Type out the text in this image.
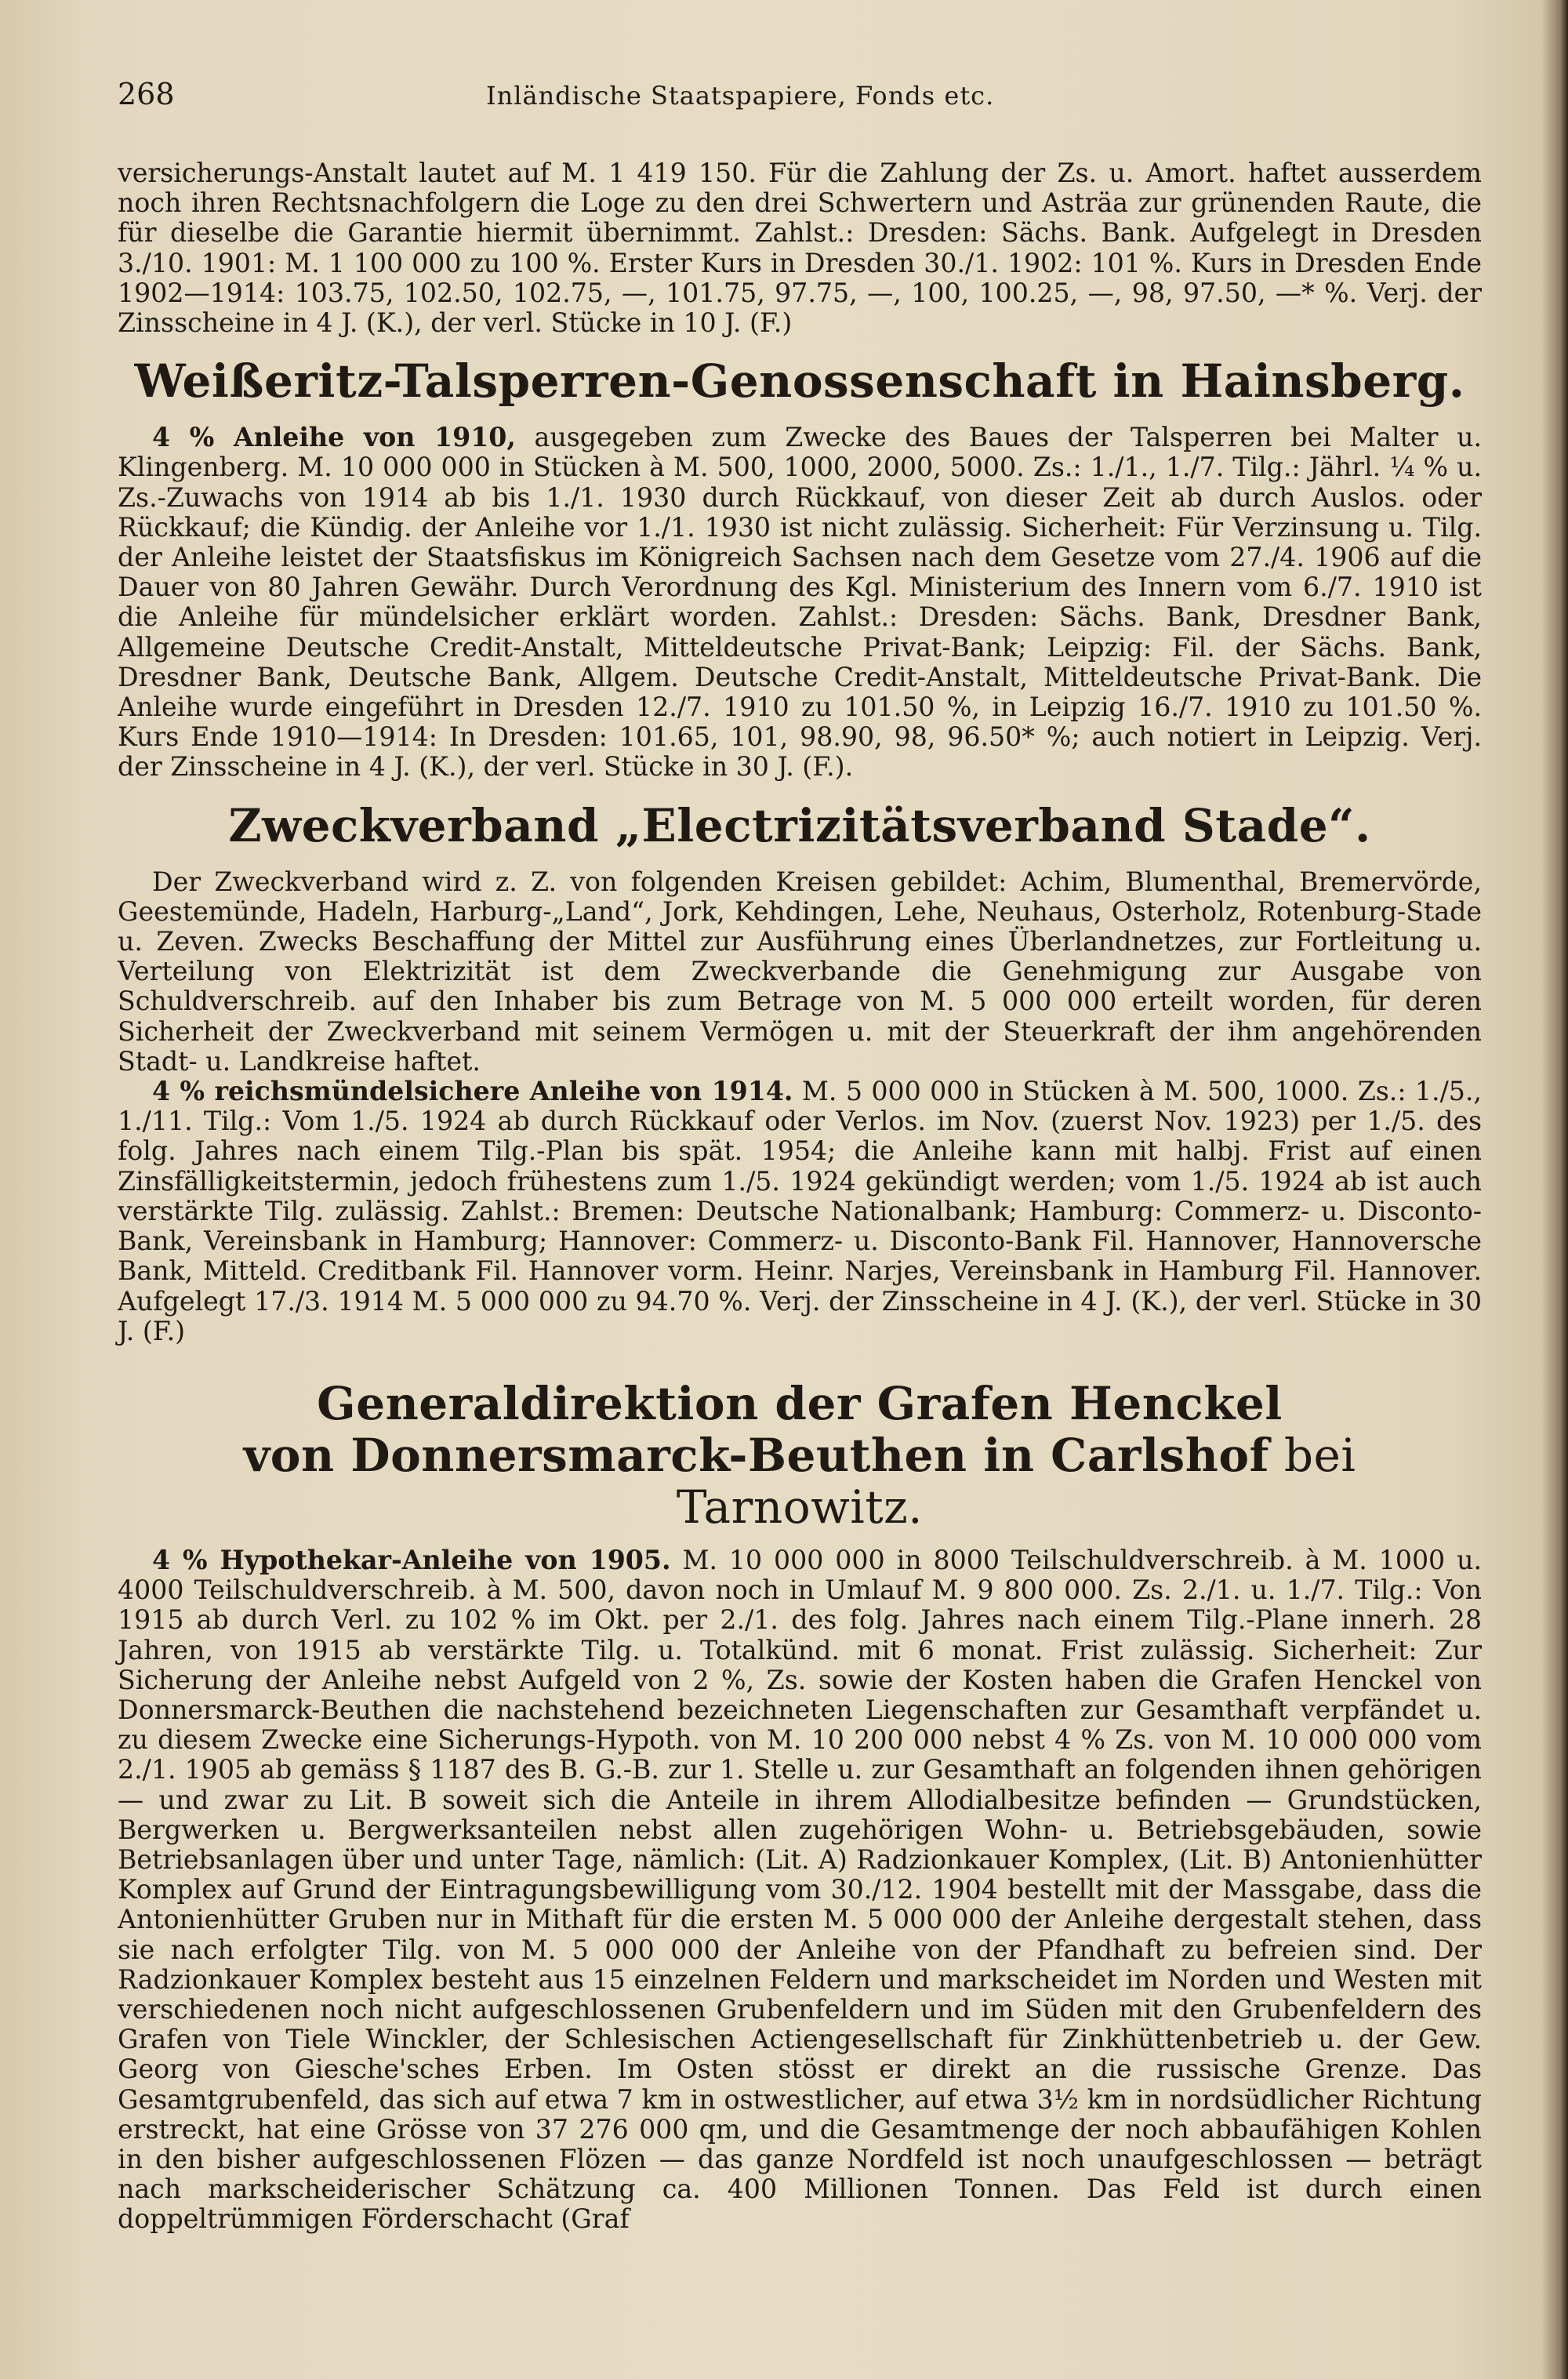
268	Inländische Staatspapiere, Fonds etc.

versicherungs-Anstalt lautet auf M. 1 419 150. Für die Zahlung der Zs. u. Amort. haftet ausserdem noch ihren Rechtsnachfolgern die Loge zu den drei Schwertern und Asträa zur grünenden Raute, die für dieselbe die Garantie hiermit übernimmt. Zahlst.: Dresden: Sächs. Bank. Aufgelegt in Dresden 3./10. 1901: M. 1 100 000 zu 100 %. Erster Kurs in Dresden 30./1. 1902: 101 %. Kurs in Dresden Ende 1902—1914: 103.75, 102.50, 102.75, —, 101.75, 97.75, —, 100, 100.25, —, 98, 97.50, —* %. Verj. der Zinsscheine in 4 J. (K.), der verl. Stücke in 10 J. (F.)

Weißeritz-Talsperren-Genossenschaft in Hainsberg.

4 % Anleihe von 1910, ausgegeben zum Zwecke des Baues der Talsperren bei Malter u. Klingenberg. M. 10 000 000 in Stücken à M. 500, 1000, 2000, 5000. Zs.: 1./1., 1./7. Tilg.: Jährl. ¼ % u. Zs.-Zuwachs von 1914 ab bis 1./1. 1930 durch Rückkauf, von dieser Zeit ab durch Auslos. oder Rückkauf; die Kündig. der Anleihe vor 1./1. 1930 ist nicht zulässig. Sicherheit: Für Verzinsung u. Tilg. der Anleihe leistet der Staatsfiskus im Königreich Sachsen nach dem Gesetze vom 27./4. 1906 auf die Dauer von 80 Jahren Gewähr. Durch Verordnung des Kgl. Ministerium des Innern vom 6./7. 1910 ist die Anleihe für mündelsicher erklärt worden. Zahlst.: Dresden: Sächs. Bank, Dresdner Bank, Allgemeine Deutsche Credit-Anstalt, Mitteldeutsche Privat-Bank; Leipzig: Fil. der Sächs. Bank, Dresdner Bank, Deutsche Bank, Allgem. Deutsche Credit-Anstalt, Mitteldeutsche Privat-Bank. Die Anleihe wurde eingeführt in Dresden 12./7. 1910 zu 101.50 %, in Leipzig 16./7. 1910 zu 101.50 %. Kurs Ende 1910—1914: In Dresden: 101.65, 101, 98.90, 98, 96.50* %; auch notiert in Leipzig. Verj. der Zinsscheine in 4 J. (K.), der verl. Stücke in 30 J. (F.).

Zweckverband „Electrizitätsverband Stade“.

Der Zweckverband wird z. Z. von folgenden Kreisen gebildet: Achim, Blumenthal, Bremervörde, Geestemünde, Hadeln, Harburg-„Land“, Jork, Kehdingen, Lehe, Neuhaus, Osterholz, Rotenburg-Stade u. Zeven. Zwecks Beschaffung der Mittel zur Ausführung eines Überlandnetzes, zur Fortleitung u. Verteilung von Elektrizität ist dem Zweckverbande die Genehmigung zur Ausgabe von Schuldverschreib. auf den Inhaber bis zum Betrage von M. 5 000 000 erteilt worden, für deren Sicherheit der Zweckverband mit seinem Vermögen u. mit der Steuerkraft der ihm angehörenden Stadt- u. Landkreise haftet.

4 % reichsmündelsichere Anleihe von 1914. M. 5 000 000 in Stücken à M. 500, 1000. Zs.: 1./5., 1./11. Tilg.: Vom 1./5. 1924 ab durch Rückkauf oder Verlos. im Nov. (zuerst Nov. 1923) per 1./5. des folg. Jahres nach einem Tilg.-Plan bis spät. 1954; die Anleihe kann mit halbj. Frist auf einen Zinsfälligkeitstermin, jedoch frühestens zum 1./5. 1924 gekündigt werden; vom 1./5. 1924 ab ist auch verstärkte Tilg. zulässig. Zahlst.: Bremen: Deutsche Nationalbank; Hamburg: Commerz- u. Disconto-Bank, Vereinsbank in Hamburg; Hannover: Commerz- u. Disconto-Bank Fil. Hannover, Hannoversche Bank, Mitteld. Creditbank Fil. Hannover vorm. Heinr. Narjes, Vereinsbank in Hamburg Fil. Hannover. Aufgelegt 17./3. 1914 M. 5 000 000 zu 94.70 %. Verj. der Zinsscheine in 4 J. (K.), der verl. Stücke in 30 J. (F.)

Generaldirektion der Grafen Henckel
von Donnersmarck-Beuthen in Carlshof bei Tarnowitz.

4 % Hypothekar-Anleihe von 1905. M. 10 000 000 in 8000 Teilschuldverschreib. à M. 1000 u. 4000 Teilschuldverschreib. à M. 500, davon noch in Umlauf M. 9 800 000. Zs. 2./1. u. 1./7. Tilg.: Von 1915 ab durch Verl. zu 102 % im Okt. per 2./1. des folg. Jahres nach einem Tilg.-Plane innerh. 28 Jahren, von 1915 ab verstärkte Tilg. u. Totalkünd. mit 6 monat. Frist zulässig. Sicherheit: Zur Sicherung der Anleihe nebst Aufgeld von 2 %, Zs. sowie der Kosten haben die Grafen Henckel von Donnersmarck-Beuthen die nachstehend bezeichneten Liegenschaften zur Gesamthaft verpfändet u. zu diesem Zwecke eine Sicherungs-Hypoth. von M. 10 200 000 nebst 4 % Zs. von M. 10 000 000 vom 2./1. 1905 ab gemäss § 1187 des B. G.-B. zur 1. Stelle u. zur Gesamthaft an folgenden ihnen gehörigen — und zwar zu Lit. B soweit sich die Anteile in ihrem Allodialbesitze befinden — Grundstücken, Bergwerken u. Bergwerksanteilen nebst allen zugehörigen Wohn- u. Betriebsgebäuden, sowie Betriebsanlagen über und unter Tage, nämlich: (Lit. A) Radzionkauer Komplex, (Lit. B) Antonienhütter Komplex auf Grund der Eintragungsbewilligung vom 30./12. 1904 bestellt mit der Massgabe, dass die Antonienhütter Gruben nur in Mithaft für die ersten M. 5 000 000 der Anleihe dergestalt stehen, dass sie nach erfolgter Tilg. von M. 5 000 000 der Anleihe von der Pfandhaft zu befreien sind. Der Radzionkauer Komplex besteht aus 15 einzelnen Feldern und markscheidet im Norden und Westen mit verschiedenen noch nicht aufgeschlossenen Grubenfeldern und im Süden mit den Grubenfeldern des Grafen von Tiele Winckler, der Schlesischen Actiengesellschaft für Zinkhüttenbetrieb u. der Gew. Georg von Giesche'sches Erben. Im Osten stösst er direkt an die russische Grenze. Das Gesamtgrubenfeld, das sich auf etwa 7 km in ostwestlicher, auf etwa 3½ km in nordsüdlicher Richtung erstreckt, hat eine Grösse von 37 276 000 qm, und die Gesamtmenge der noch abbaufähigen Kohlen in den bisher aufgeschlossenen Flözen — das ganze Nordfeld ist noch unaufgeschlossen — beträgt nach markscheiderischer Schätzung ca. 400 Millionen Tonnen. Das Feld ist durch einen doppeltrümmigen Förderschacht (Graf
